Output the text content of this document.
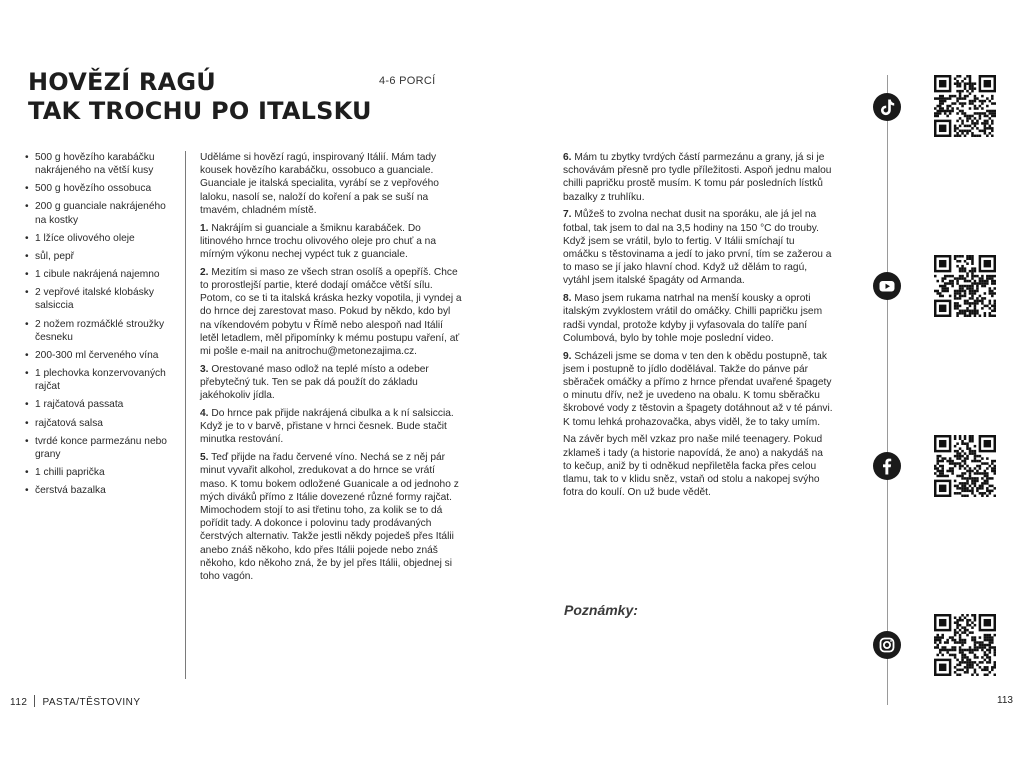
HOVĚZÍ RAGÚ
TAK TROCHU PO ITALSKU
4-6 PORCÍ
• 500 g hovězího karabáčku nakrájeného na větší kusy
• 500 g hovězího ossobuca
• 200 g guanciale nakrájeného na kostky
• 1 lžíce olivového oleje
• sůl, pepř
• 1 cibule nakrájená najemno
• 2 vepřové italské klobásky salsiccia
• 2 nožem rozmáčklé stroužky česneku
• 200-300 ml červeného vína
• 1 plechovka konzervovaných rajčat
• 1 rajčatová passata
• rajčatová salsa
• tvrdé konce parmezánu nebo grany
• 1 chilli paprička
• čerstvá bazalka

Uděláme si hovězí ragú, inspirovaný Itálií. Mám tady kousek hovězího karabáčku, ossobuco a guanciale. Guanciale je italská specialita, vyrábí se z vepřového laloku, nasolí se, naloží do koření a pak se suší na tmavém, chladném místě.

1. Nakrájím si guanciale a šmiknu karabáček. Do litinového hrnce trochu olivového oleje pro chuť a na mírným výkonu nechej vypéct tuk z guanciale.

2. Mezitím si maso ze všech stran osolíš a opepříš. Chce to prorostlejší partie, které dodají omáčce větší sílu. Potom, co se ti ta italská kráska hezky vopotila, ji vyndej a do hrnce dej zarestovat maso. Pokud by někdo, kdo byl na víkendovém pobytu v Římě nebo alespoň nad Itálií letěl letadlem, měl připomínky k mému postupu vaření, ať mi pošle e-mail na anitrochu@metonezajima.cz.

3. Orestované maso odlož na teplé místo a odeber přebytečný tuk. Ten se pak dá použít do základu jakéhokoliv jídla.

4. Do hrnce pak přijde nakrájená cibulka a k ní salsiccia. Když je to v barvě, přistane v hrnci česnek. Bude stačit minutka restování.

5. Teď přijde na řadu červené víno. Nechá se z něj pár minut vyvařit alkohol, zredukovat a do hrnce se vrátí maso. K tomu bokem odložené Guanicale a od jednoho z mých diváků přímo z Itálie dovezené různé formy rajčat. Mimochodem stojí to asi třetinu toho, za kolik se to dá pořídit tady. A dokonce i polovinu tady prodávaných čerstvých alternativ. Takže jestli někdy pojedeš přes Itálii anebo znáš někoho, kdo přes Itálii pojede nebo znáš někoho, kdo někoho zná, že by jel přes Itálii, objednej si toho vagón.

6. Mám tu zbytky tvrdých částí parmezánu a grany, já si je schovávám přesně pro tydle příležitosti. Aspoň jednu malou chilli papričku prostě musím. K tomu pár posledních lístků bazalky z truhlíku.

7. Můžeš to zvolna nechat dusit na sporáku, ale já jel na fotbal, tak jsem to dal na 3,5 hodiny na 150 °C do trouby. Když jsem se vrátil, bylo to fertig. V Itálii smíchají tu omáčku s těstovinama a jedí to jako první, tím se zažerou a to maso se jí jako hlavní chod. Když už dělám to ragú, vytáhl jsem italské špagáty od Armanda.

8. Maso jsem rukama natrhal na menší kousky a oproti italským zvyklostem vrátil do omáčky. Chilli papričku jsem radši vyndal, protože kdyby ji vyfasovala do talíře paní Columbová, bylo by tohle moje poslední video.

9. Scházeli jsme se doma v ten den k obědu postupně, tak jsem i postupně to jídlo dodělával. Takže do pánve pár sběraček omáčky a přímo z hrnce přendat uvařené špagety o minutu dřív, než je uvedeno na obalu. K tomu sběračku škrobové vody z těstovin a špagety dotáhnout až v té pánvi. K tomu lehká prohazovačka, abys viděl, že to taky umím.

Na závěr bych měl vzkaz pro naše milé teenagery. Pokud zklameš i tady (a historie napovídá, že ano) a nakydáš na to kečup, aniž by ti odněkud nepřiletěla facka přes celou tlamu, tak to v klidu sněz, vstaň od stolu a nakopej svýho fotra do koulí. On už bude vědět.

Poznámky:

112 PASTA/TĚSTOVINY	113
